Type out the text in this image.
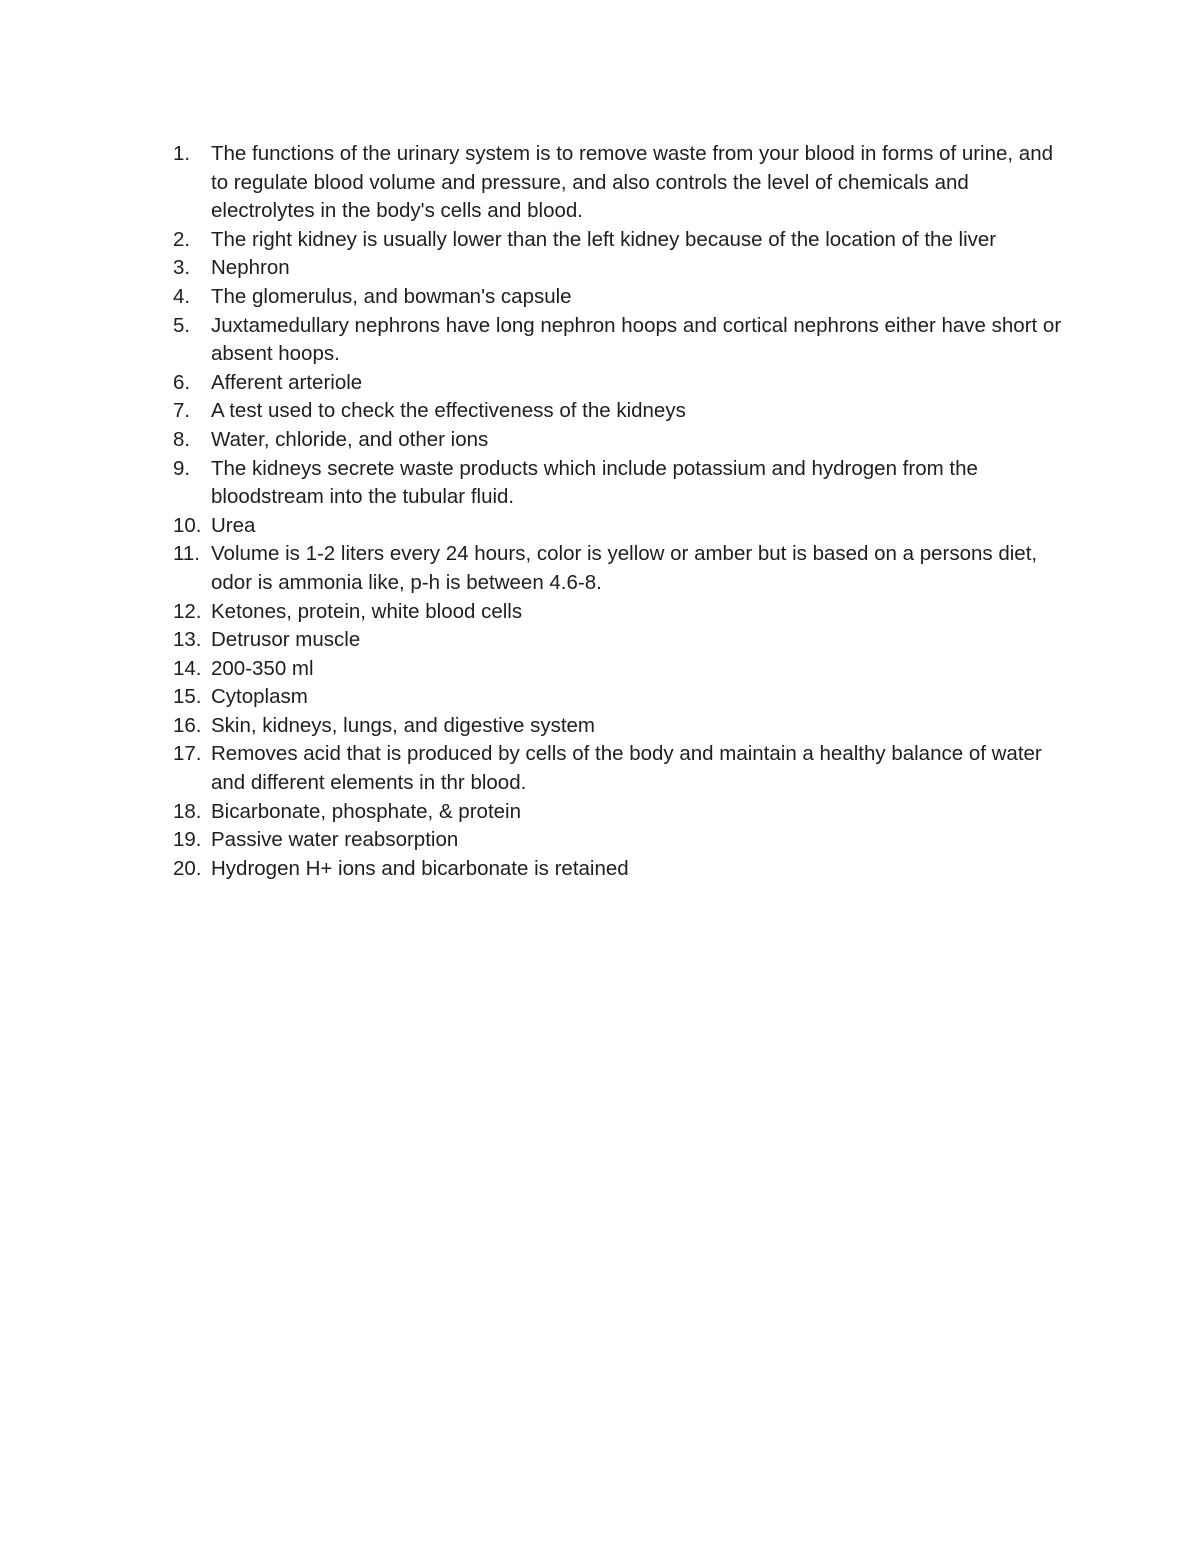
1.	The functions of the urinary system is to remove waste from your blood in forms of urine, and to regulate blood volume and pressure, and also controls the level of chemicals and electrolytes in the body's cells and blood.
2.	The right kidney is usually lower than the left kidney because of the location of the liver
3.	Nephron
4.	The glomerulus, and bowman's capsule
5.	Juxtamedullary nephrons have long nephron hoops and cortical nephrons either have short or absent hoops.
6.	Afferent arteriole
7.	A test used to check the effectiveness of the kidneys
8.	Water, chloride, and other ions
9.	The kidneys secrete waste products which include potassium and hydrogen from the bloodstream into the tubular fluid.
10. Urea
11. Volume is 1-2 liters every 24 hours, color is yellow or amber but is based on a persons diet, odor is ammonia like, p-h is between 4.6-8.
12. Ketones, protein, white blood cells
13. Detrusor muscle
14. 200-350 ml
15. Cytoplasm
16. Skin, kidneys, lungs, and digestive system
17. Removes acid that is produced by cells of the body and maintain a healthy balance of water and different elements in thr blood.
18. Bicarbonate, phosphate, & protein
19. Passive water reabsorption
20. Hydrogen H+ ions and bicarbonate is retained
